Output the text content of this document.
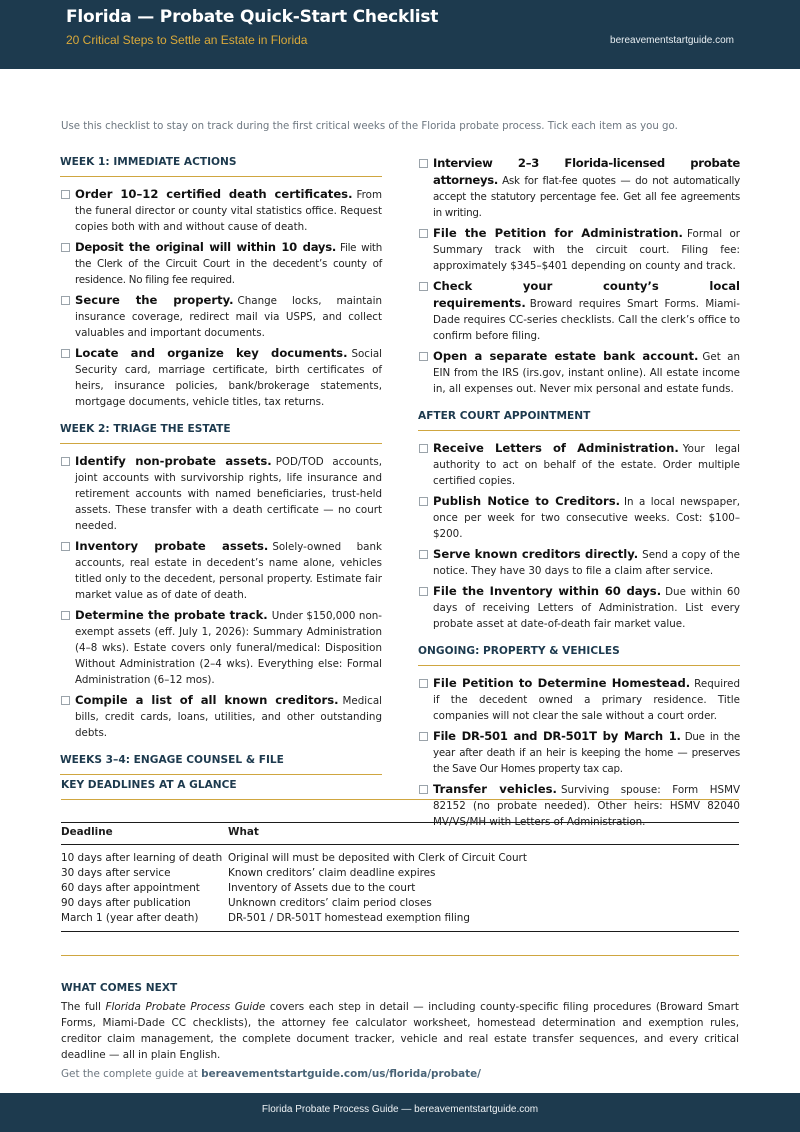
Florida — Probate Quick-Start Checklist
20 Critical Steps to Settle an Estate in Florida	bereavementstartguide.com
Use this checklist to stay on track during the first critical weeks of the Florida probate process. Tick each item as you go.
WEEK 1: IMMEDIATE ACTIONS
Order 10–12 certified death certificates. From the funeral director or county vital statistics office. Request copies both with and without cause of death.
Deposit the original will within 10 days. File with the Clerk of the Circuit Court in the decedent’s county of residence. No filing fee required.
Secure the property. Change locks, maintain insurance coverage, redirect mail via USPS, and collect valuables and important documents.
Locate and organize key documents. Social Security card, marriage certificate, birth certificates of heirs, insurance policies, bank/brokerage statements, mortgage documents, vehicle titles, tax returns.
WEEK 2: TRIAGE THE ESTATE
Identify non-probate assets. POD/TOD accounts, joint accounts with survivorship rights, life insurance and retirement accounts with named beneficiaries, trust-held assets. These transfer with a death certificate — no court needed.
Inventory probate assets. Solely-owned bank accounts, real estate in decedent’s name alone, vehicles titled only to the decedent, personal property. Estimate fair market value as of date of death.
Determine the probate track. Under $150,000 non-exempt assets (eff. July 1, 2026): Summary Administration (4–8 wks). Estate covers only funeral/medical: Disposition Without Administration (2–4 wks). Everything else: Formal Administration (6–12 mos).
Compile a list of all known creditors. Medical bills, credit cards, loans, utilities, and other outstanding debts.
WEEKS 3–4: ENGAGE COUNSEL & FILE
Interview 2–3 Florida-licensed probate attorneys. Ask for flat-fee quotes — do not automatically accept the statutory percentage fee. Get all fee agreements in writing.
File the Petition for Administration. Formal or Summary track with the circuit court. Filing fee: approximately $345–$401 depending on county and track.
Check your county’s local requirements. Broward requires Smart Forms. Miami-Dade requires CC-series checklists. Call the clerk’s office to confirm before filing.
Open a separate estate bank account. Get an EIN from the IRS (irs.gov, instant online). All estate income in, all expenses out. Never mix personal and estate funds.
AFTER COURT APPOINTMENT
Receive Letters of Administration. Your legal authority to act on behalf of the estate. Order multiple certified copies.
Publish Notice to Creditors. In a local newspaper, once per week for two consecutive weeks. Cost: $100–$200.
Serve known creditors directly. Send a copy of the notice. They have 30 days to file a claim after service.
File the Inventory within 60 days. Due within 60 days of receiving Letters of Administration. List every probate asset at date-of-death fair market value.
ONGOING: PROPERTY & VEHICLES
File Petition to Determine Homestead. Required if the decedent owned a primary residence. Title companies will not clear the sale without a court order.
File DR-501 and DR-501T by March 1. Due in the year after death if an heir is keeping the home — preserves the Save Our Homes property tax cap.
Transfer vehicles. Surviving spouse: Form HSMV 82152 (no probate needed). Other heirs: HSMV 82040 MV/VS/MH with Letters of Administration.
KEY DEADLINES AT A GLANCE
Deadline	What
10 days after learning of death	Original will must be deposited with Clerk of Circuit Court
30 days after service	Known creditors’ claim deadline expires
60 days after appointment	Inventory of Assets due to the court
90 days after publication	Unknown creditors’ claim period closes
March 1 (year after death)	DR-501 / DR-501T homestead exemption filing
WHAT COMES NEXT
The full Florida Probate Process Guide covers each step in detail — including county-specific filing procedures (Broward Smart Forms, Miami-Dade CC checklists), the attorney fee calculator worksheet, homestead determination and exemption rules, creditor claim management, the complete document tracker, vehicle and real estate transfer sequences, and every critical deadline — all in plain English.
Get the complete guide at bereavementstartguide.com/us/florida/probate/
Florida Probate Process Guide — bereavementstartguide.com
